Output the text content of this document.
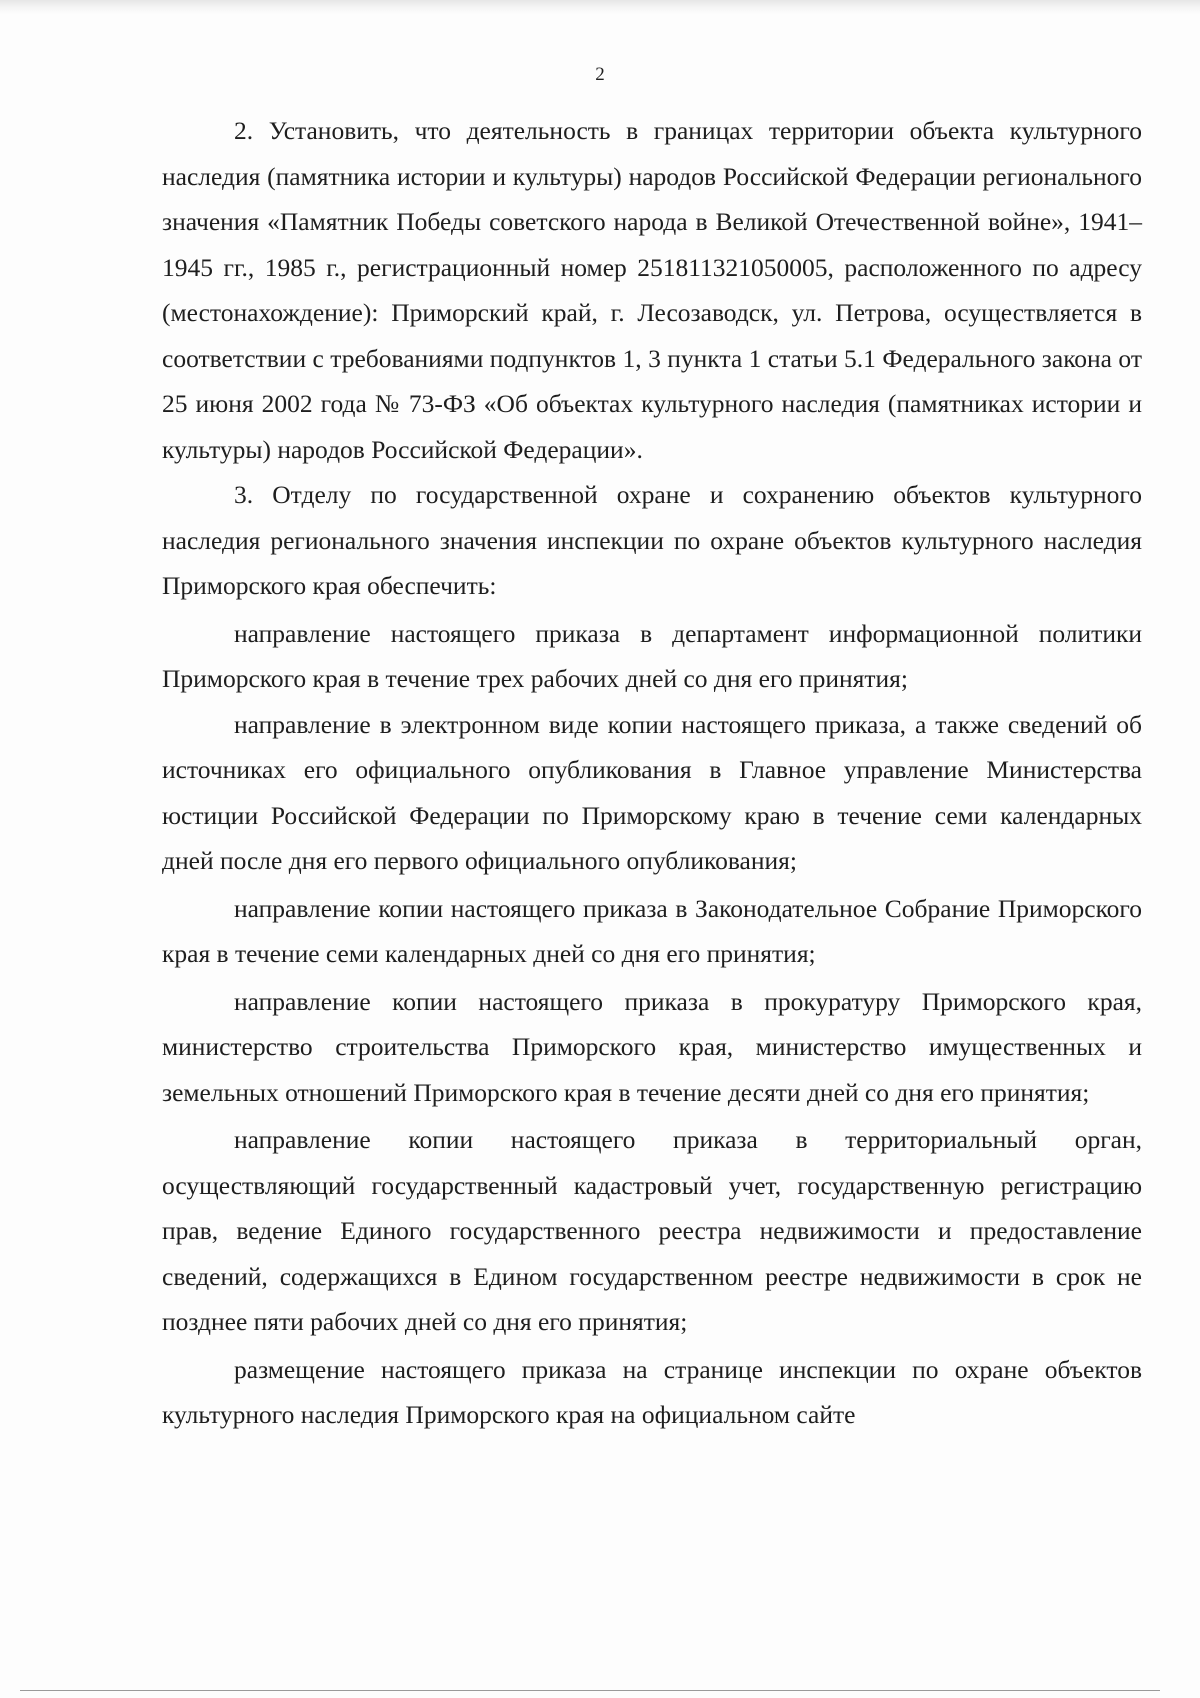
2

2. Установить, что деятельность в границах территории объекта культурного наследия (памятника истории и культуры) народов Российской Федерации регионального значения «Памятник Победы советского народа в Великой Отечественной войне», 1941–1945 гг., 1985 г., регистрационный номер 251811321050005, расположенного по адресу (местонахождение): Приморский край, г. Лесозаводск, ул. Петрова, осуществляется в соответствии с требованиями подпунктов 1, 3 пункта 1 статьи 5.1 Федерального закона от 25 июня 2002 года № 73-ФЗ «Об объектах культурного наследия (памятниках истории и культуры) народов Российской Федерации».

3. Отделу по государственной охране и сохранению объектов культурного наследия регионального значения инспекции по охране объектов культурного наследия Приморского края обеспечить:

направление настоящего приказа в департамент информационной политики Приморского края в течение трех рабочих дней со дня его принятия;

направление в электронном виде копии настоящего приказа, а также сведений об источниках его официального опубликования в Главное управление Министерства юстиции Российской Федерации по Приморскому краю в течение семи календарных дней после дня его первого официального опубликования;

направление копии настоящего приказа в Законодательное Собрание Приморского края в течение семи календарных дней со дня его принятия;

направление копии настоящего приказа в прокуратуру Приморского края, министерство строительства Приморского края, министерство имущественных и земельных отношений Приморского края в течение десяти дней со дня его принятия;

направление копии настоящего приказа в территориальный орган, осуществляющий государственный кадастровый учет, государственную регистрацию прав, ведение Единого государственного реестра недвижимости и предоставление сведений, содержащихся в Едином государственном реестре недвижимости в срок не позднее пяти рабочих дней со дня его принятия;

размещение настоящего приказа на странице инспекции по охране объектов культурного наследия Приморского края на официальном сайте
